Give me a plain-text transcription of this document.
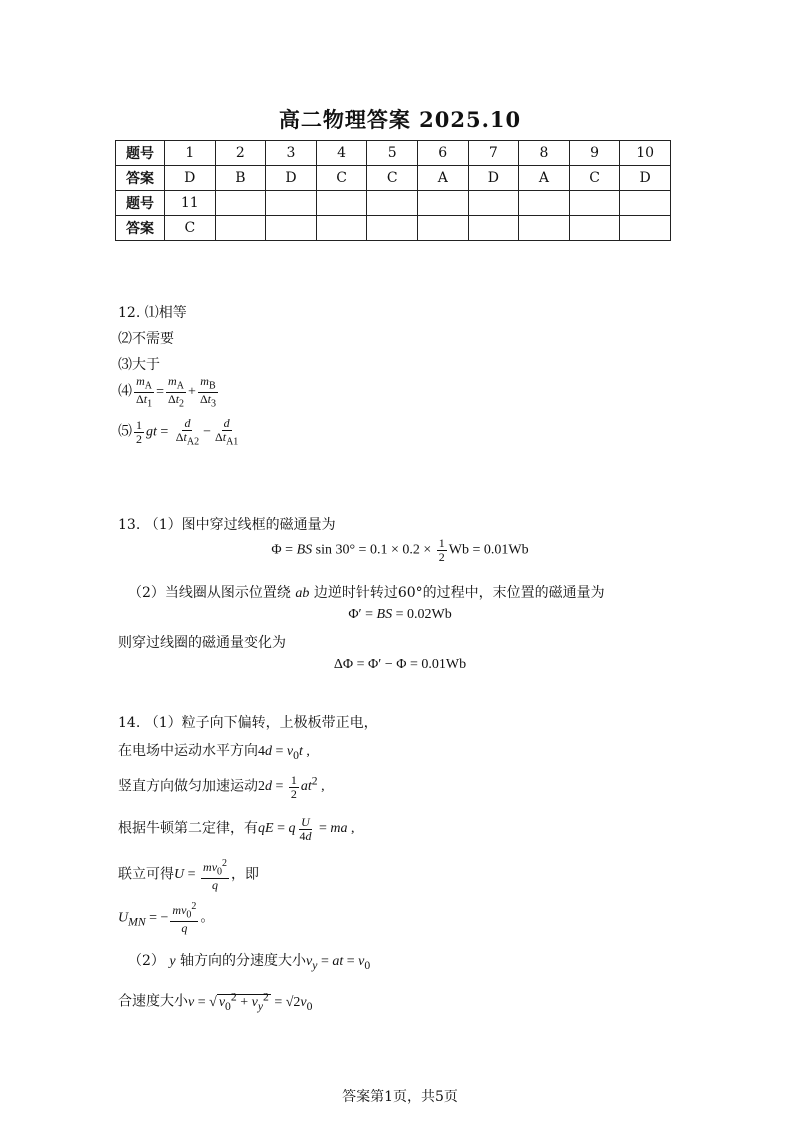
高二物理答案 2025.10
题号	1	2	3	4	5	6	7	8	9	10
答案	D	B	D	C	C	A	D	A	C	D
题号	11									
答案	C									
12. ⑴相等
⑵不需要
⑶大于
⑷ $\frac{m_A}{\Delta t_1} = \frac{m_A}{\Delta t_2} + \frac{m_B}{\Delta t_3}$
⑸ $\frac{1}{2}$ gt = $\frac{d}{\Delta t_{A2}} - \frac{d}{\Delta t_{A1}}$
13. （1）图中穿过线框的磁通量为
Φ = BS $\sin 30^\circ = 0.1 \times 0.2 \times \frac{1}{2}$ Wb = 0.01Wb
（2）当线圈从图示位置绕 ab 边逆时针转过60°的过程中，末位置的磁通量为
Φ′ = BS = 0.02Wb
则穿过线圈的磁通量变化为
ΔΦ = Φ′ − Φ = 0.01Wb
14. （1）粒子向下偏转，上极板带正电，
在电场中运动水平方向$4d = v_0t$ ,
竖直方向做匀加速运动$2d = \frac{1}{2} at^2$ ,
根据牛顿第二定律，有qE = q $\frac{U}{4d}$ = ma ,
联立可得$U = \frac{mv_0^2}{q}$ ，即
$U_{MN}$ = − $\frac{mv_0^2}{q}$ 。
（2） y 轴方向的分速度大小$v_y$ = at = $v_0$
合速度大小v = √ $v_0^2 + v_y^2 = √2v_0$
答案第1页，共5页
